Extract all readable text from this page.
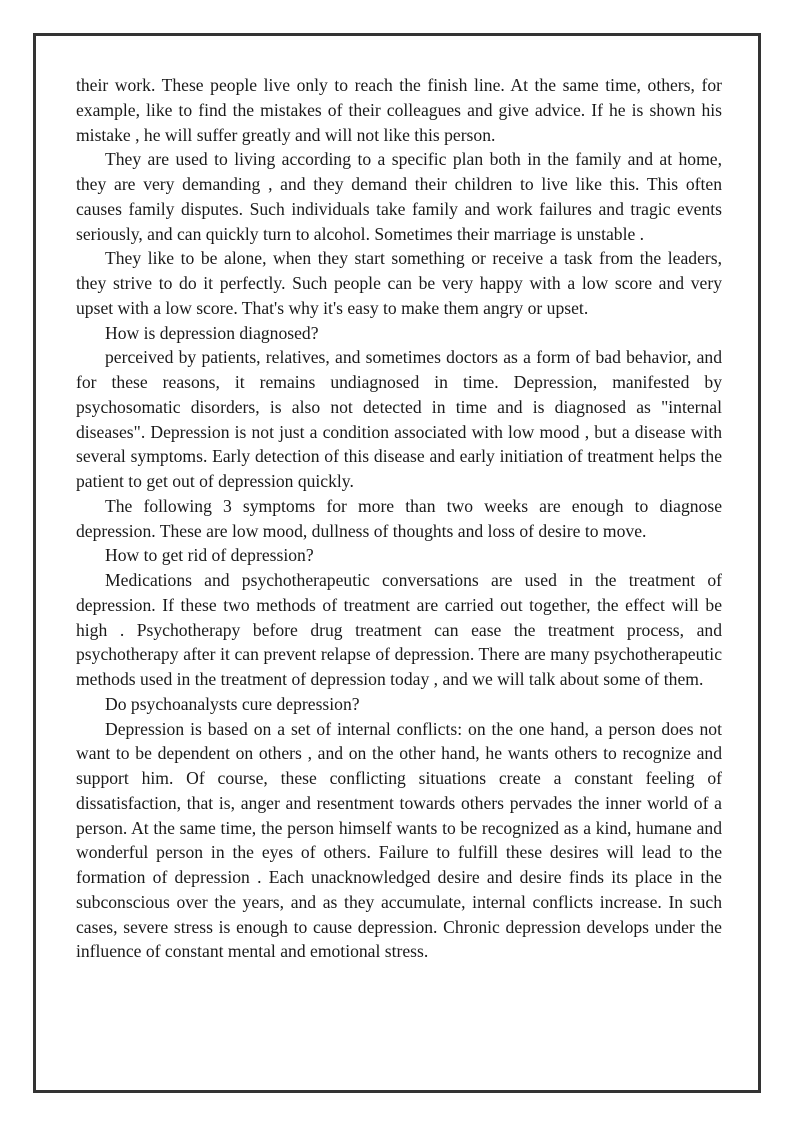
their work. These people live only to reach the finish line. At the same time, others, for example, like to find the mistakes of their colleagues and give advice. If he is shown his mistake , he will suffer greatly and will not like this person.

They are used to living according to a specific plan both in the family and at home, they are very demanding , and they demand their children to live like this. This often causes family disputes. Such individuals take family and work failures and tragic events seriously, and can quickly turn to alcohol. Sometimes their marriage is unstable .

They like to be alone, when they start something or receive a task from the leaders, they strive to do it perfectly. Such people can be very happy with a low score and very upset with a low score. That's why it's easy to make them angry or upset.

How is depression diagnosed?

perceived by patients, relatives, and sometimes doctors as a form of bad behavior, and for these reasons, it remains undiagnosed in time. Depression, manifested by psychosomatic disorders, is also not detected in time and is diagnosed as "internal diseases". Depression is not just a condition associated with low mood , but a disease with several symptoms. Early detection of this disease and early initiation of treatment helps the patient to get out of depression quickly.

The following 3 symptoms for more than two weeks are enough to diagnose depression. These are low mood, dullness of thoughts and loss of desire to move.

How to get rid of depression?

Medications and psychotherapeutic conversations are used in the treatment of depression. If these two methods of treatment are carried out together, the effect will be high . Psychotherapy before drug treatment can ease the treatment process, and psychotherapy after it can prevent relapse of depression. There are many psychotherapeutic methods used in the treatment of depression today , and we will talk about some of them.

Do psychoanalysts cure depression?

Depression is based on a set of internal conflicts: on the one hand, a person does not want to be dependent on others , and on the other hand, he wants others to recognize and support him. Of course, these conflicting situations create a constant feeling of dissatisfaction, that is, anger and resentment towards others pervades the inner world of a person. At the same time, the person himself wants to be recognized as a kind, humane and wonderful person in the eyes of others. Failure to fulfill these desires will lead to the formation of depression . Each unacknowledged desire and desire finds its place in the subconscious over the years, and as they accumulate, internal conflicts increase. In such cases, severe stress is enough to cause depression. Chronic depression develops under the influence of constant mental and emotional stress.
